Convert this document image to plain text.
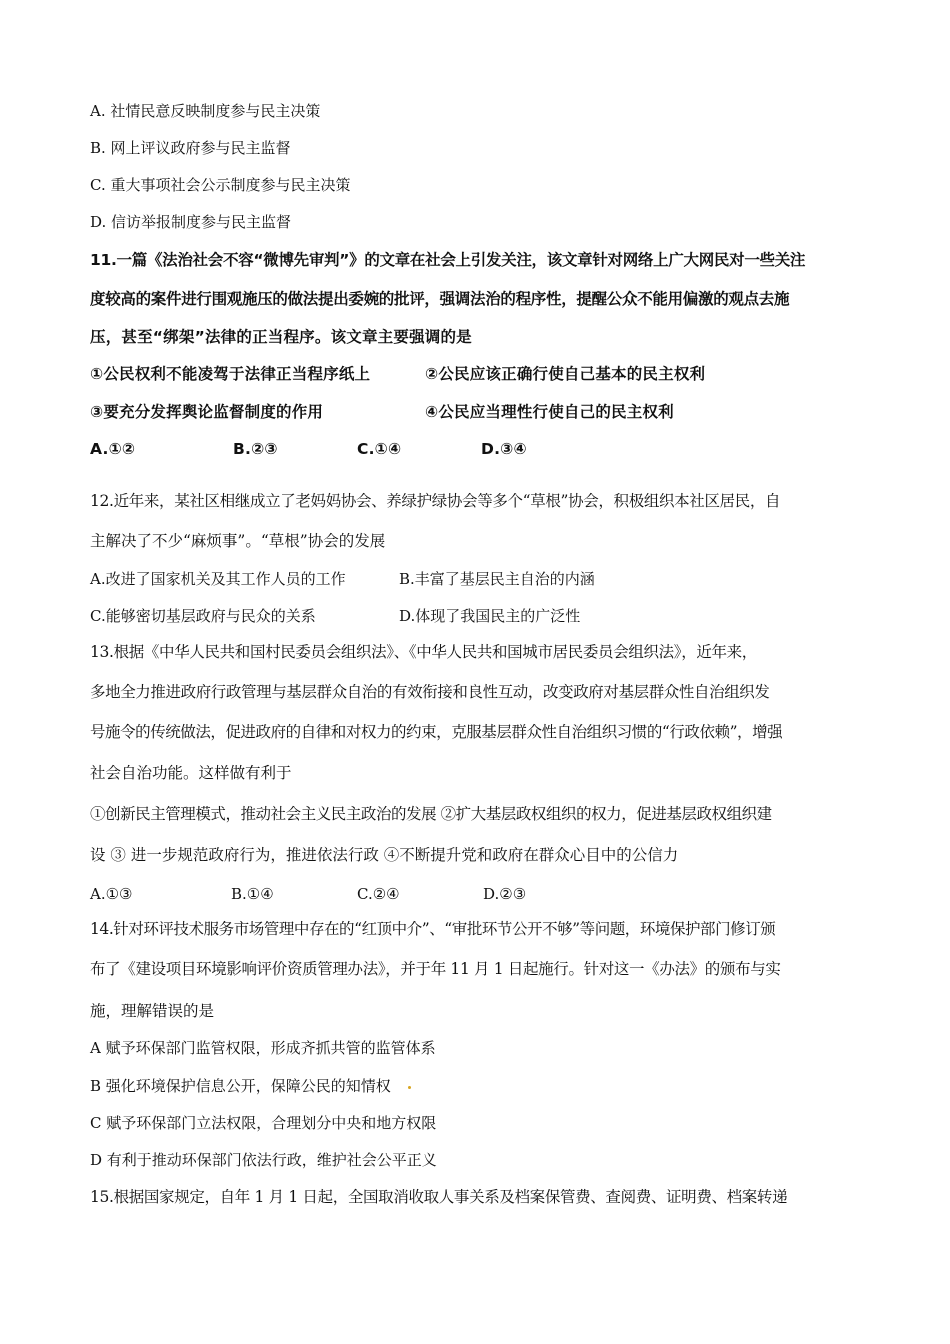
A. 社情民意反映制度参与民主决策
B. 网上评议政府参与民主监督
C. 重大事项社会公示制度参与民主决策
D. 信访举报制度参与民主监督
11.一篇《法治社会不容“微博先审判”》的文章在社会上引发关注，该文章针对网络上广大网民对一些关注
度较高的案件进行围观施压的做法提出委婉的批评，强调法治的程序性，提醒公众不能用偏激的观点去施
压，甚至“绑架”法律的正当程序。该文章主要强调的是
①公民权利不能凌驾于法律正当程序纸上	②公民应该正确行使自己基本的民主权利
③要充分发挥舆论监督制度的作用	④公民应当理性行使自己的民主权利
A.①②	B.②③	C.①④	D.③④
12.近年来，某社区相继成立了老妈妈协会、养绿护绿协会等多个“草根”协会，积极组织本社区居民，自
主解决了不少“麻烦事”。“草根”协会的发展
A.改进了国家机关及其工作人员的工作	B.丰富了基层民主自治的内涵
C.能够密切基层政府与民众的关系	D.体现了我国民主的广泛性
13.根据《中华人民共和国村民委员会组织法》、《中华人民共和国城市居民委员会组织法》，近年来，
多地全力推进政府行政管理与基层群众自治的有效衔接和良性互动，改变政府对基层群众性自治组织发
号施令的传统做法，促进政府的自律和对权力的约束，克服基层群众性自治组织习惯的“行政依赖”，增强
社会自治功能。这样做有利于
①创新民主管理模式，推动社会主义民主政治的发展 ②扩大基层政权组织的权力，促进基层政权组织建
设 ③ 进一步规范政府行为，推进依法行政 ④不断提升党和政府在群众心目中的公信力
A.①③	B.①④	C.②④	D.②③
14.针对环评技术服务市场管理中存在的“红顶中介”、“审批环节公开不够”等问题，环境保护部门修订颁
布了《建设项目环境影响评价资质管理办法》，并于年 11 月 1 日起施行。针对这一《办法》的颁布与实
施，理解错误的是
A 赋予环保部门监管权限，形成齐抓共管的监管体系
B 强化环境保护信息公开，保障公民的知情权
C 赋予环保部门立法权限，合理划分中央和地方权限
D 有利于推动环保部门依法行政，维护社会公平正义
15.根据国家规定，自年 1 月 1 日起，全国取消收取人事关系及档案保管费、查阅费、证明费、档案转递
